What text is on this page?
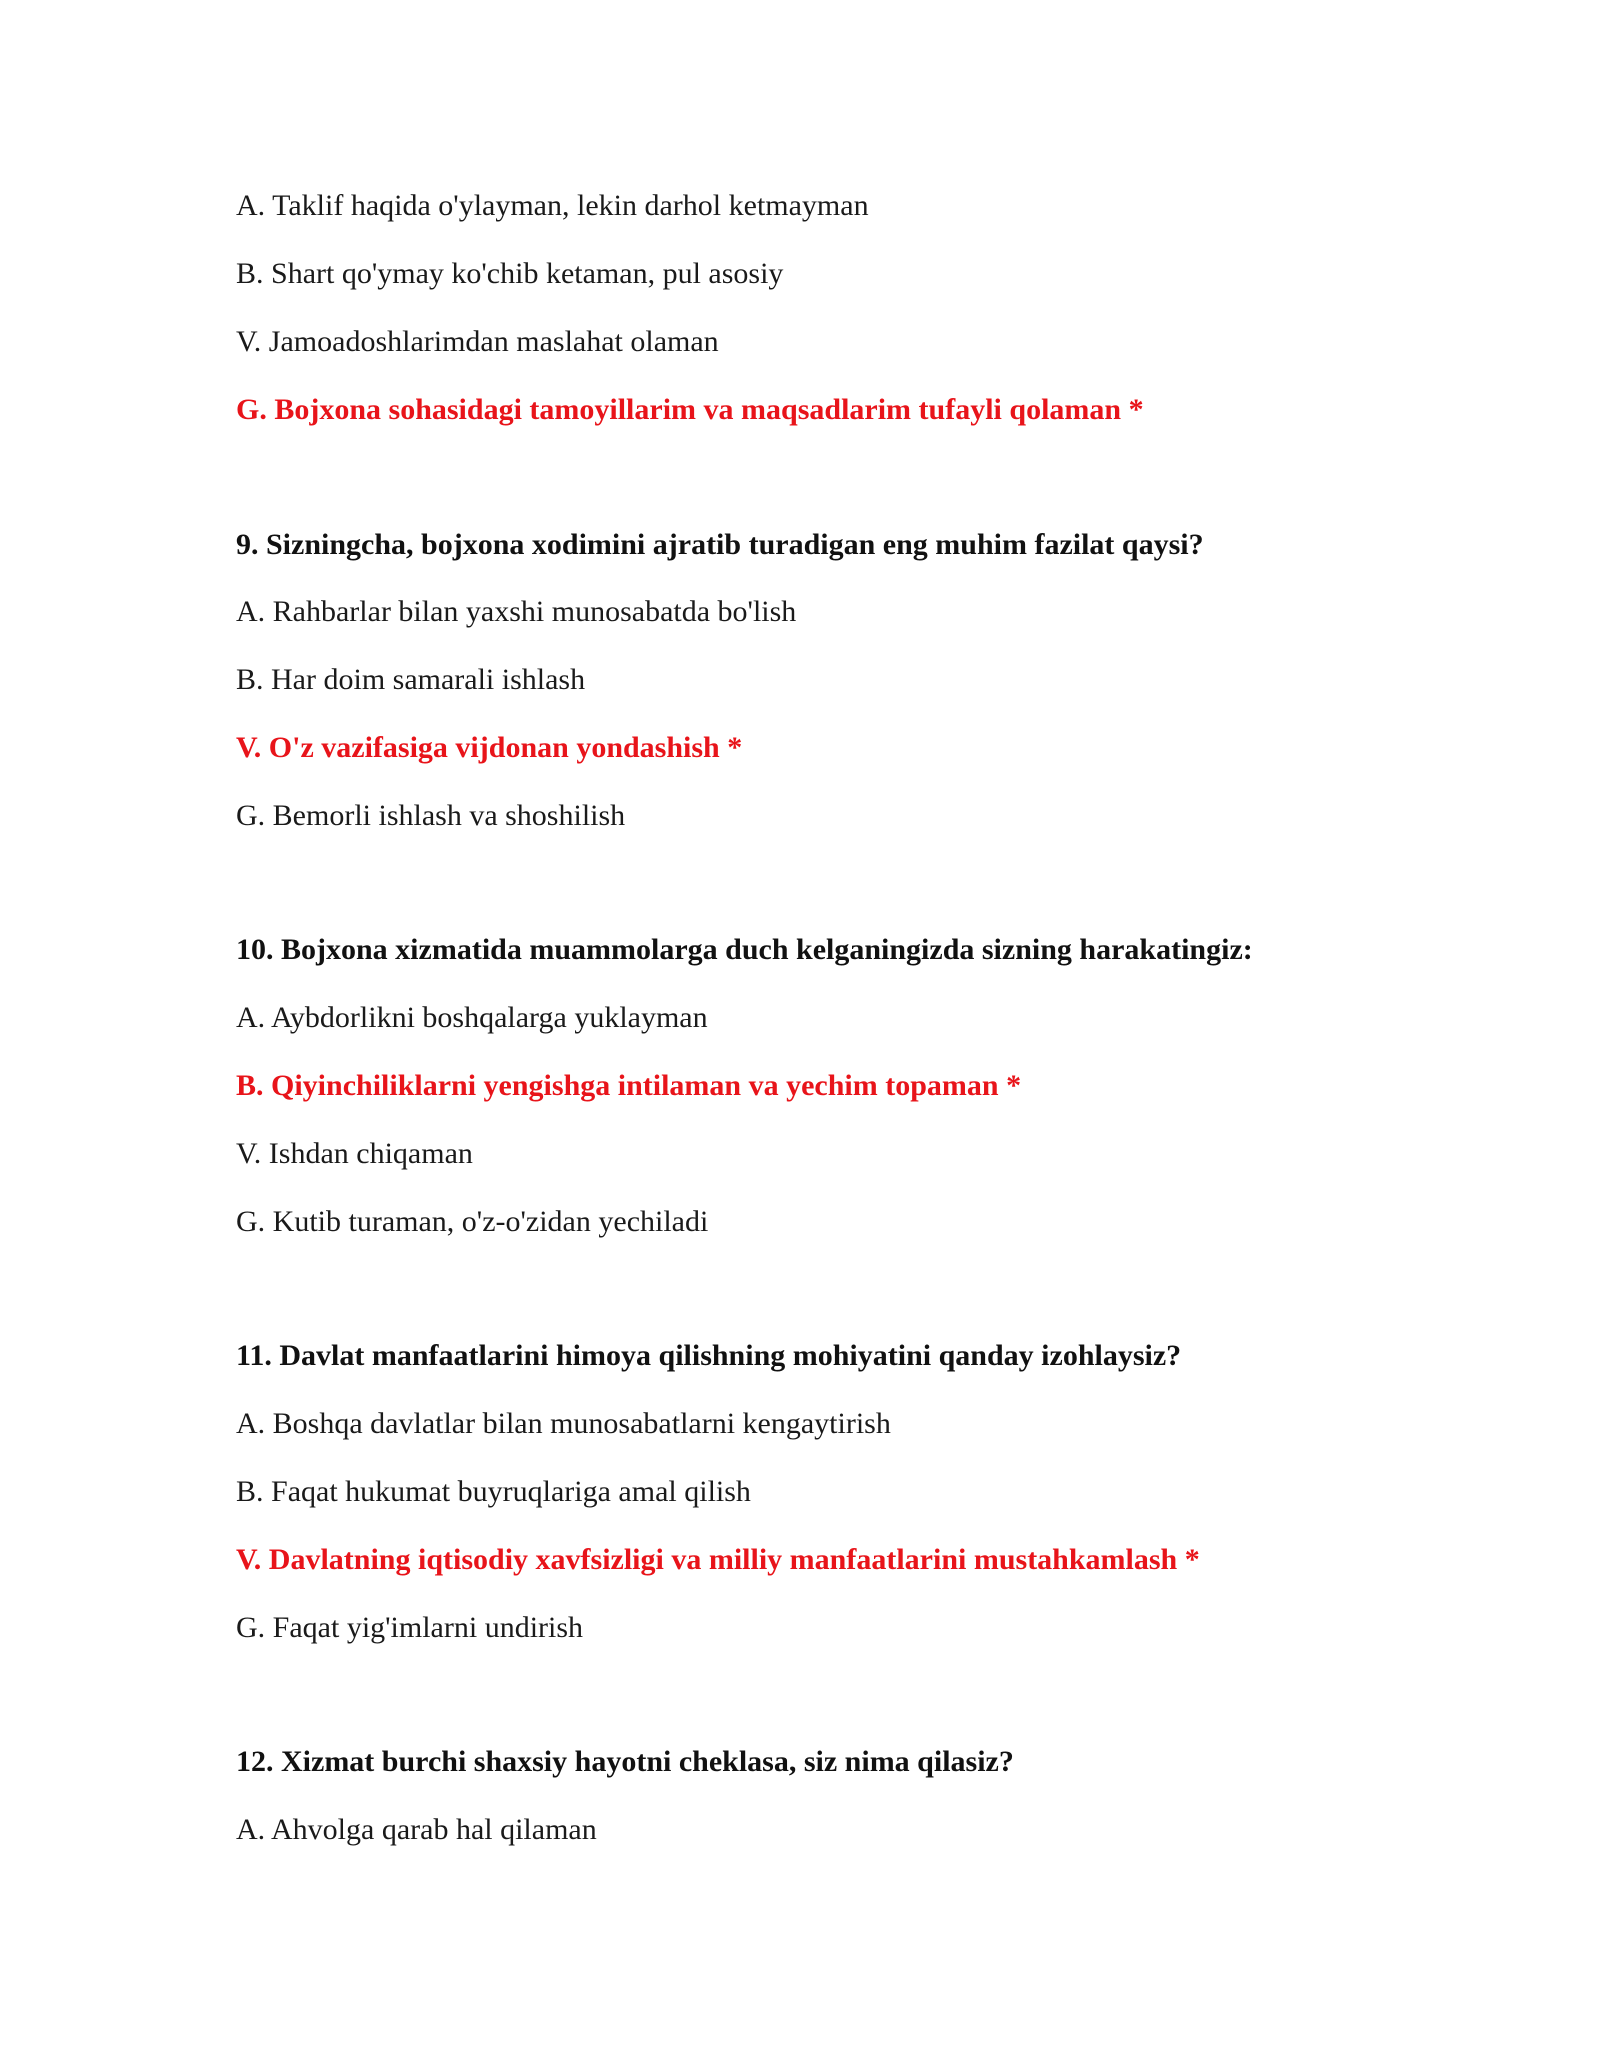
A. Taklif haqida o'ylayman, lekin darhol ketmayman

B. Shart qo'ymay ko'chib ketaman, pul asosiy

V. Jamoadoshlarimdan maslahat olaman

G. Bojxona sohasidagi tamoyillarim va maqsadlarim tufayli qolaman *

9. Sizningcha, bojxona xodimini ajratib turadigan eng muhim fazilat qaysi?

A. Rahbarlar bilan yaxshi munosabatda bo'lish

B. Har doim samarali ishlash

V. O'z vazifasiga vijdonan yondashish *

G. Bemorli ishlash va shoshilish

10. Bojxona xizmatida muammolarga duch kelganingizda sizning harakatingiz:

A. Aybdorlikni boshqalarga yuklayman

B. Qiyinchiliklarni yengishga intilaman va yechim topaman *

V. Ishdan chiqaman

G. Kutib turaman, o'z-o'zidan yechiladi

11. Davlat manfaatlarini himoya qilishning mohiyatini qanday izohlaysiz?

A. Boshqa davlatlar bilan munosabatlarni kengaytirish

B. Faqat hukumat buyruqlariga amal qilish

V. Davlatning iqtisodiy xavfsizligi va milliy manfaatlarini mustahkamlash *

G. Faqat yig'imlarni undirish

12. Xizmat burchi shaxsiy hayotni cheklasa, siz nima qilasiz?

A. Ahvolga qarab hal qilaman
